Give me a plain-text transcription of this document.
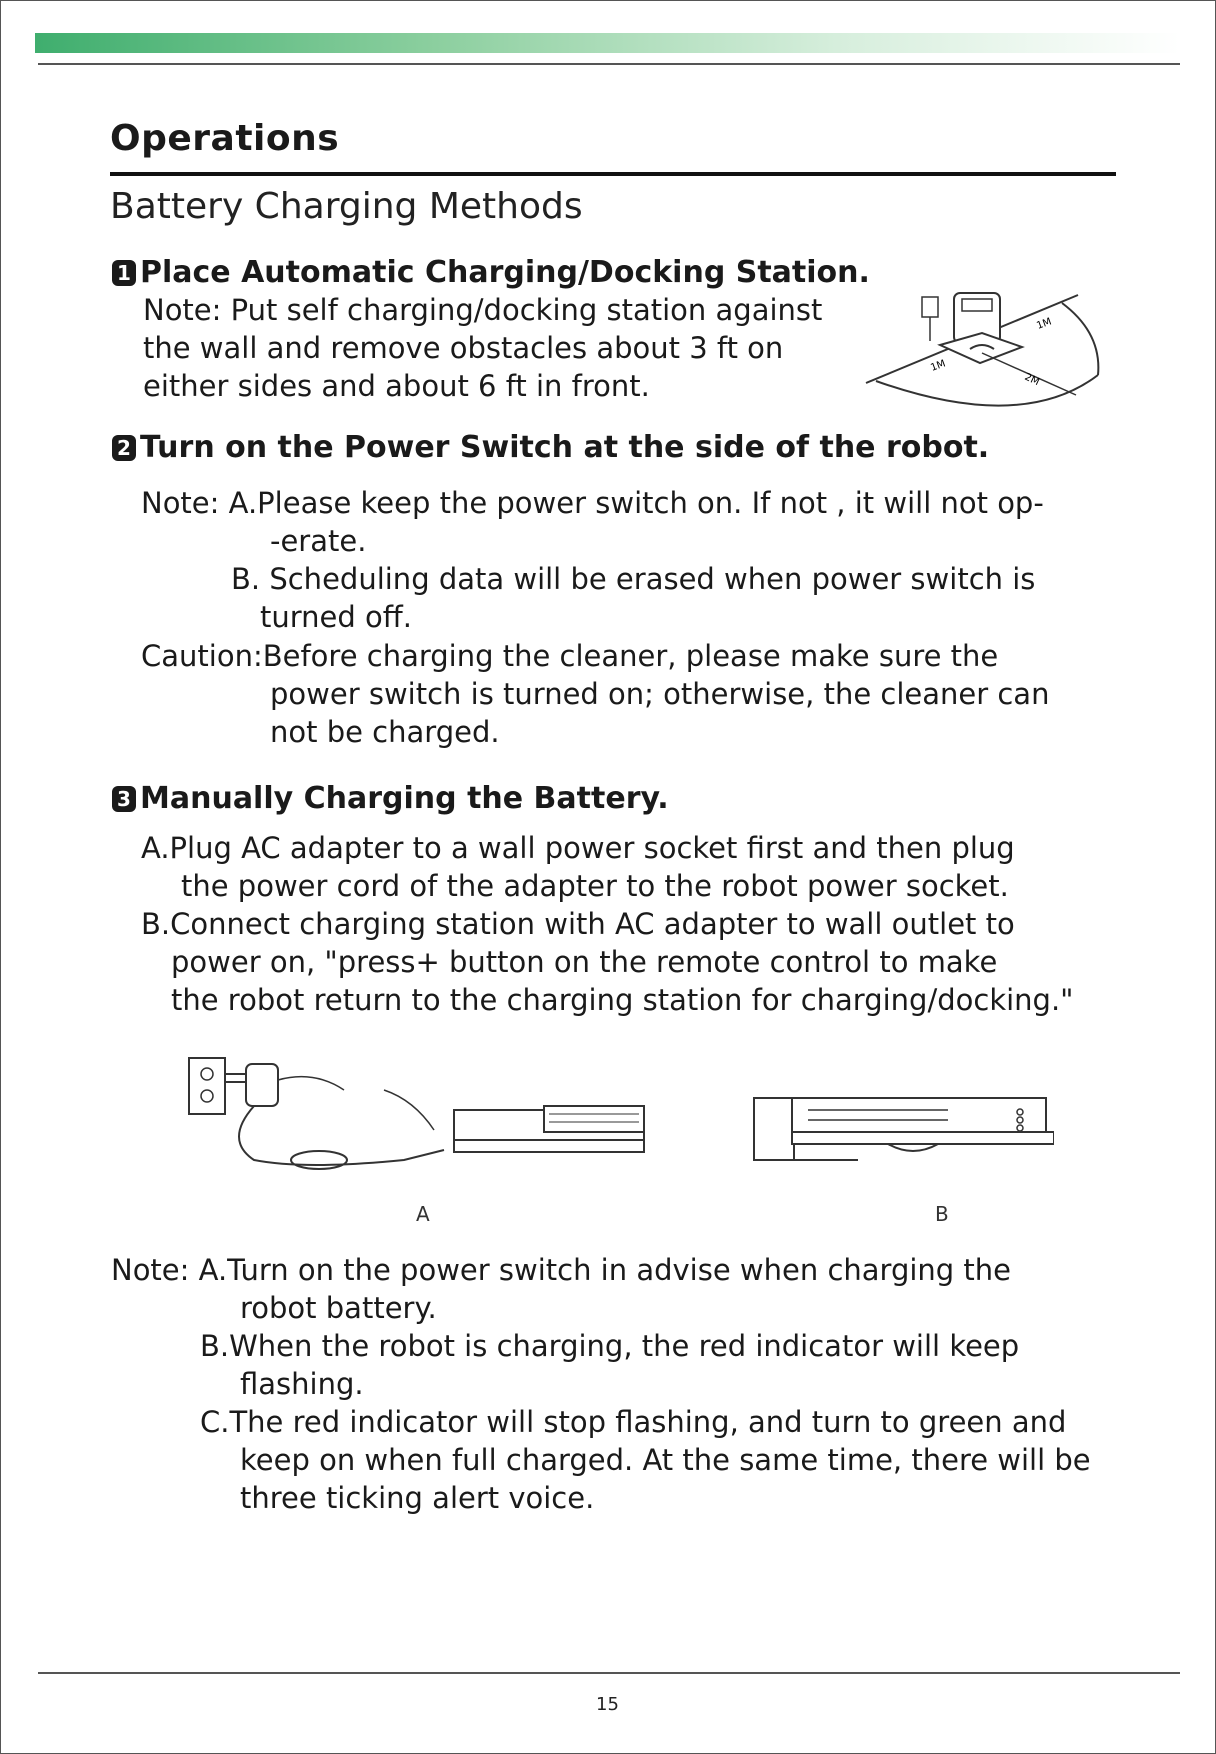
Operations
Battery Charging Methods
1 Place Automatic Charging/Docking Station.
Note: Put self charging/docking station against
the wall and remove obstacles about 3 ft on
either sides and about 6 ft in front.
1M
1M
2M
2 Turn on the Power Switch at the side of the robot.
Note: A.Please keep the power switch on. If not , it will not op-
-erate.
B. Scheduling data will be erased when power switch is
turned off.
Caution:Before charging the cleaner, please make sure the
power switch is turned on; otherwise, the cleaner can
not be charged.
3 Manually Charging the Battery.
A.Plug AC adapter to a wall power socket first and then plug
the power cord of the adapter to the robot power socket.
B.Connect charging station with AC adapter to wall outlet to
power on, "press+ button on the remote control to make
the robot return to the charging station for charging/docking."
A	B
Note: A.Turn on the power switch in advise when charging the
robot battery.
B.When the robot is charging, the red indicator will keep
flashing.
C.The red indicator will stop flashing, and turn to green and
keep on when full charged. At the same time, there will be
three ticking alert voice.
15
